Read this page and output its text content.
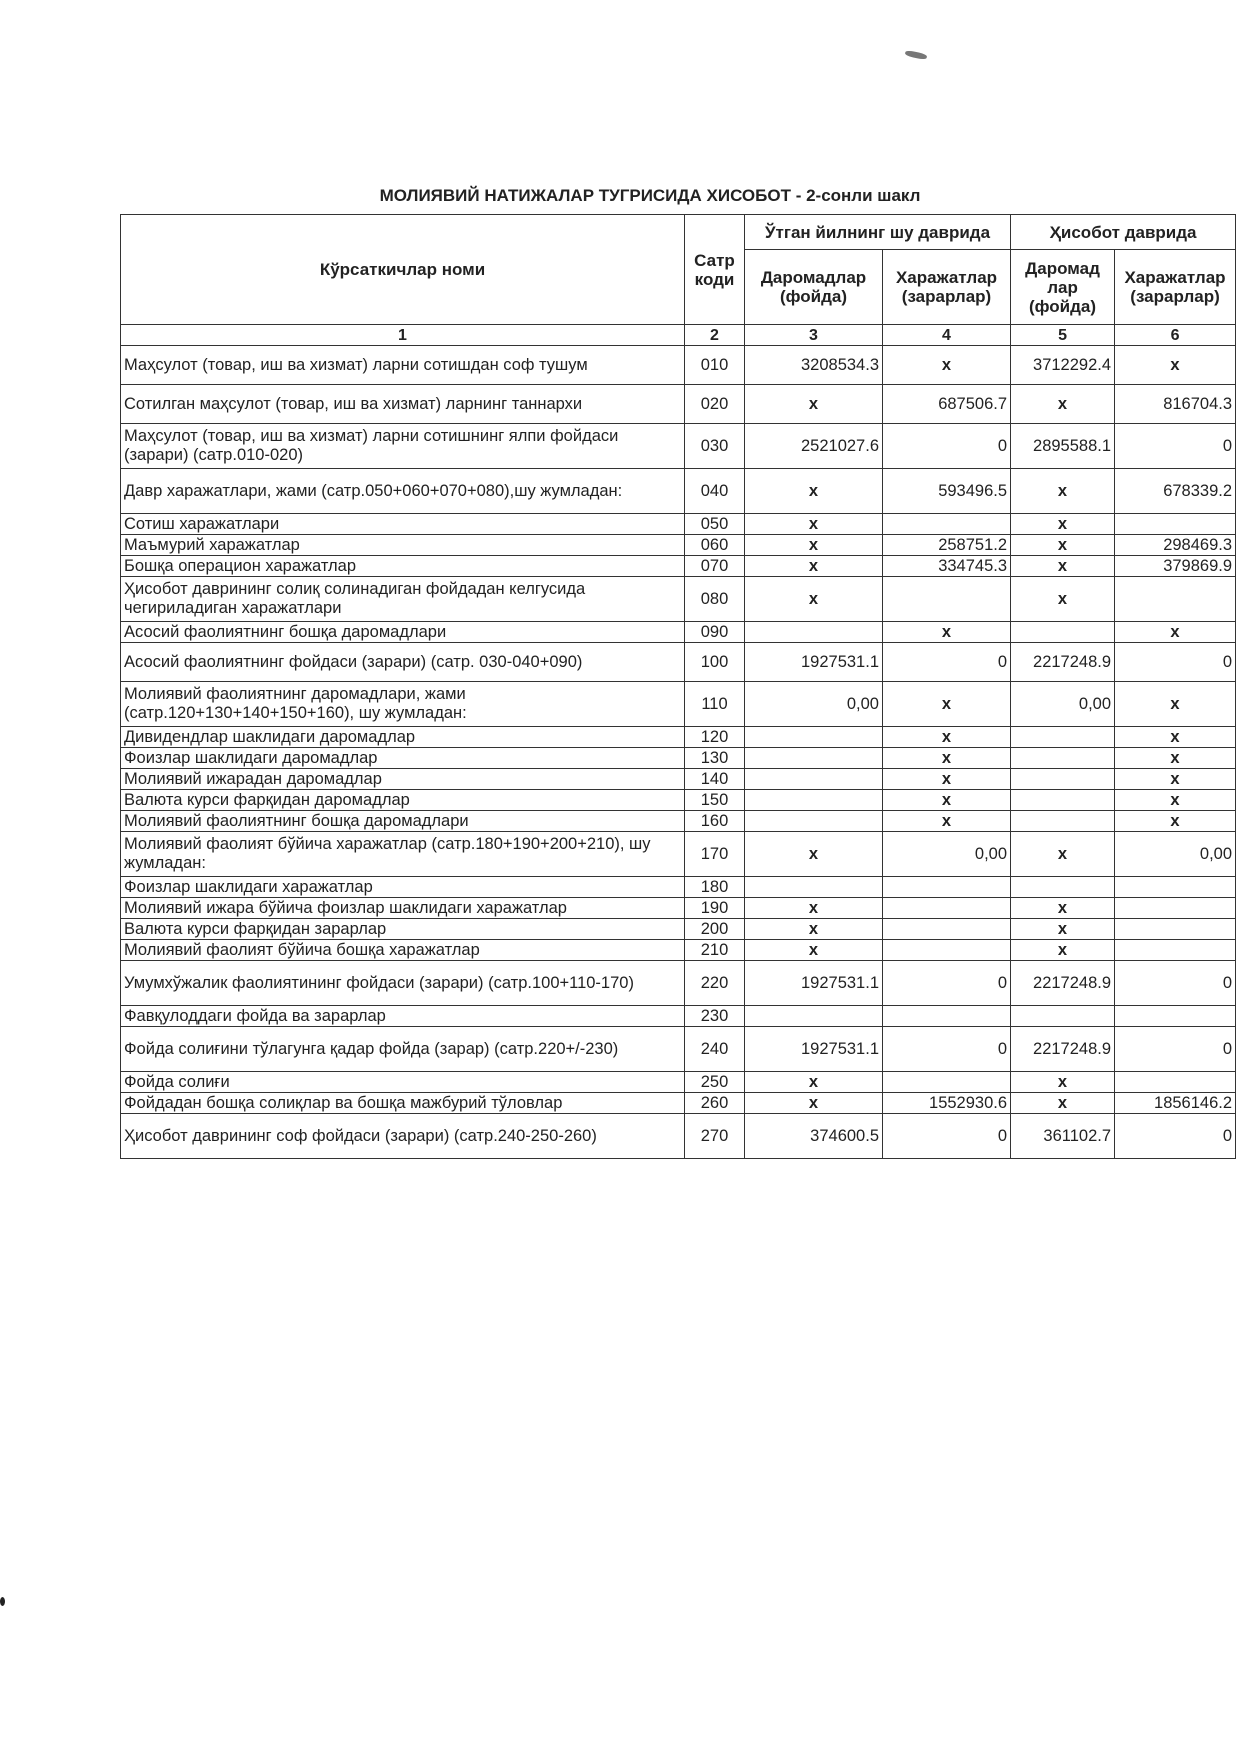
МОЛИЯВИЙ НАТИЖАЛАР ТУГРИСИДА ХИСОБОТ - 2-сонли шакл
Кўрсаткичлар номи	Сатр коди	Ўтган йилнинг шу даврида		Ҳисобот даврида	
		Даромадлар (фойда)	Харажатлар (зарарлар)	Даромад лар (фойда)	Харажатлар (зарарлар)
1	2	3	4	5	6
Маҳсулот (товар, иш ва хизмат) ларни сотишдан соф тушум	010	3208534.3	x	3712292.4	x
Сотилган маҳсулот (товар, иш ва хизмат) ларнинг таннархи	020	x	687506.7	x	816704.3
Маҳсулот (товар, иш ва хизмат) ларни сотишнинг ялпи фойдаси (зарари) (сатр.010-020)	030	2521027.6	0	2895588.1	0
Давр харажатлари, жами (сатр.050+060+070+080),шу жумладан:	040	x	593496.5	x	678339.2
Сотиш харажатлари	050	x		x	
Маъмурий харажатлар	060	x	258751.2	x	298469.3
Бошқа операцион харажатлар	070	x	334745.3	x	379869.9
Ҳисобот даврининг солиқ солинадиган фойдадан келгусида чегириладиган харажатлари	080	x		x	
Асосий фаолиятнинг бошқа даромадлари	090		x		x
Асосий фаолиятнинг фойдаси (зарари) (сатр. 030-040+090)	100	1927531.1	0	2217248.9	0
Молиявий фаолиятнинг даромадлари, жами (сатр.120+130+140+150+160), шу жумладан:	110	0,00	x	0,00	x
Дивидендлар шаклидаги даромадлар	120		x		x
Фоизлар шаклидаги даромадлар	130		x		x
Молиявий ижарадан даромадлар	140		x		x
Валюта курси фарқидан даромадлар	150		x		x
Молиявий фаолиятнинг бошқа даромадлари	160		x		x
Молиявий фаолият бўйича харажатлар (сатр.180+190+200+210), шу жумладан:	170	x	0,00	x	0,00
Фоизлар шаклидаги харажатлар	180				
Молиявий ижара бўйича фоизлар шаклидаги харажатлар	190	x		x	
Валюта курси фарқидан зарарлар	200	x		x	
Молиявий фаолият бўйича бошқа харажатлар	210	x		x	
Умумхўжалик фаолиятининг фойдаси (зарари) (сатр.100+110-170)	220	1927531.1	0	2217248.9	0
Фавқулоддаги фойда ва зарарлар	230				
Фойда солиғини тўлагунга қадар фойда (зарар) (сатр.220+/-230)	240	1927531.1	0	2217248.9	0
Фойда солиғи	250	x		x	
Фойдадан бошқа солиқлар ва бошқа мажбурий тўловлар	260	x	1552930.6	x	1856146.2
Ҳисобот даврининг соф фойдаси (зарари) (сатр.240-250-260)	270	374600.5	0	361102.7	0
